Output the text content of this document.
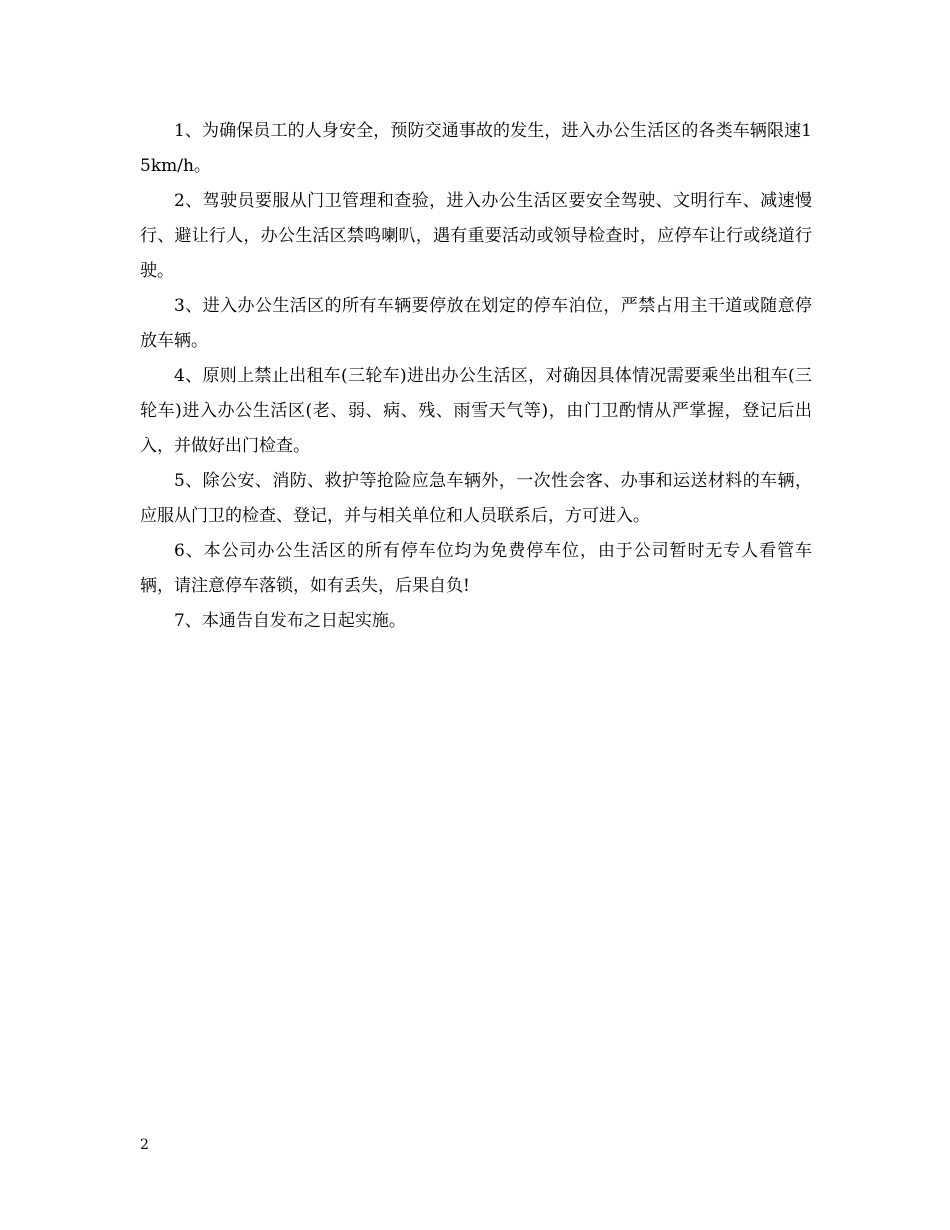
1、为确保员工的人身安全，预防交通事故的发生，进入办公生活区的各类车辆限速15km/h。

2、驾驶员要服从门卫管理和查验，进入办公生活区要安全驾驶、文明行车、减速慢行、避让行人，办公生活区禁鸣喇叭，遇有重要活动或领导检查时，应停车让行或绕道行驶。

3、进入办公生活区的所有车辆要停放在划定的停车泊位，严禁占用主干道或随意停放车辆。

4、原则上禁止出租车(三轮车)进出办公生活区，对确因具体情况需要乘坐出租车(三轮车)进入办公生活区(老、弱、病、残、雨雪天气等)，由门卫酌情从严掌握，登记后出入，并做好出门检查。

5、除公安、消防、救护等抢险应急车辆外，一次性会客、办事和运送材料的车辆，应服从门卫的检查、登记，并与相关单位和人员联系后，方可进入。

6、本公司办公生活区的所有停车位均为免费停车位，由于公司暂时无专人看管车辆，请注意停车落锁，如有丢失，后果自负!

7、本通告自发布之日起实施。

2
